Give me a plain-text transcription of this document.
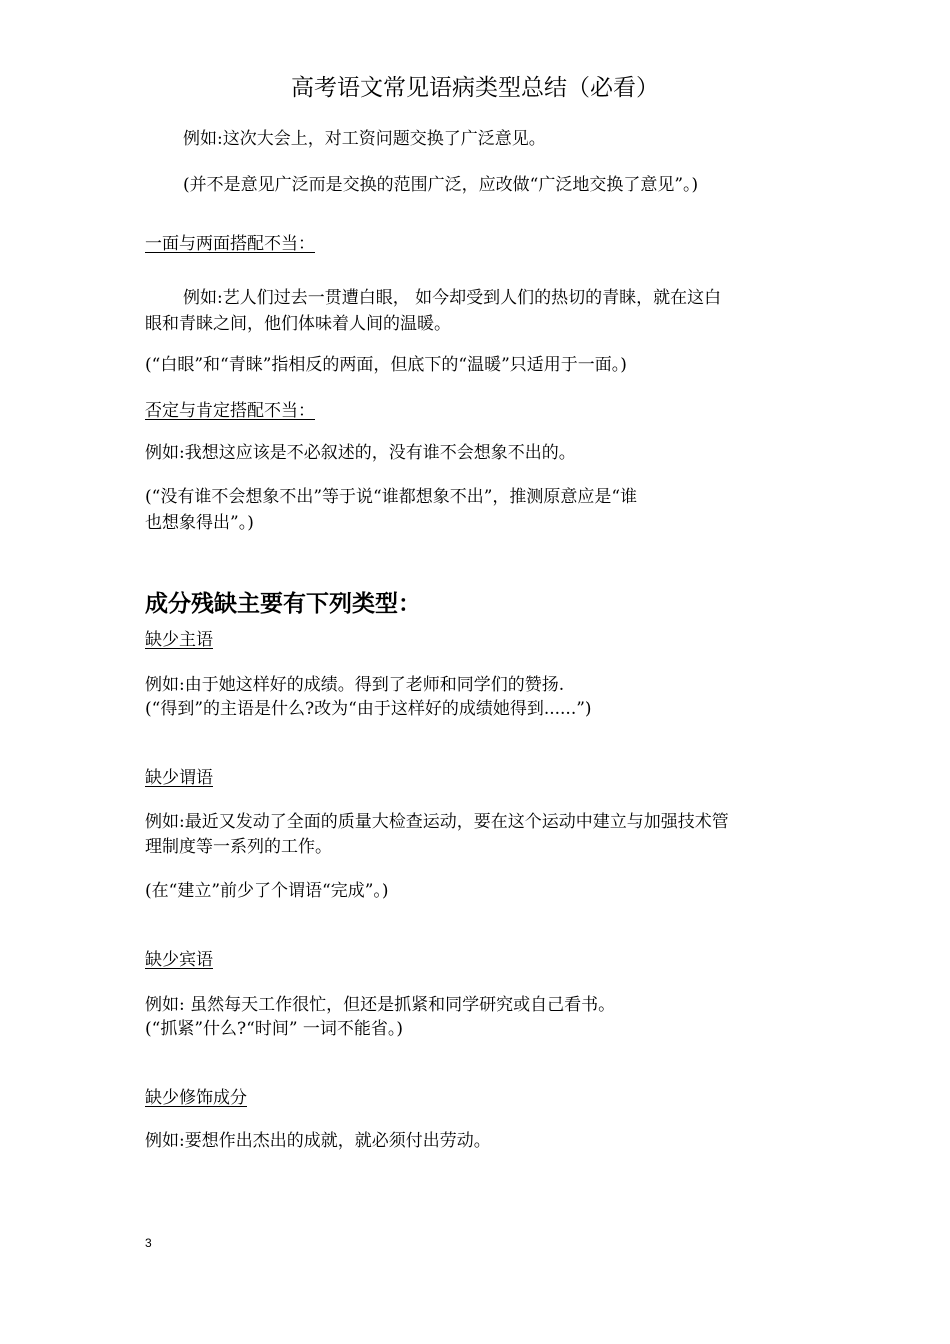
高考语文常见语病类型总结（必看）
例如:这次大会上，对工资问题交换了广泛意见。
(并不是意见广泛而是交换的范围广泛，应改做“广泛地交换了意见”。)
一面与两面搭配不当：
例如:艺人们过去一贯遭白眼， 如今却受到人们的热切的青睐，就在这白
眼和青睐之间，他们体味着人间的温暖。
(“白眼”和“青睐”指相反的两面，但底下的“温暖”只适用于一面。)
否定与肯定搭配不当：
例如:我想这应该是不必叙述的，没有谁不会想象不出的。
(“没有谁不会想象不出”等于说“谁都想象不出”，推测原意应是“谁
也想象得出”。)
成分残缺主要有下列类型：
缺少主语
例如:由于她这样好的成绩。得到了老师和同学们的赞扬.
(“得到”的主语是什么?改为“由于这样好的成绩她得到......”)
缺少谓语
例如:最近又发动了全面的质量大检查运动，要在这个运动中建立与加强技术管
理制度等一系列的工作。
(在“建立”前少了个谓语“完成”。)
缺少宾语
例如: 虽然每天工作很忙，但还是抓紧和同学研究或自己看书。
(“抓紧”什么?“时间” 一词不能省。)
缺少修饰成分
例如:要想作出杰出的成就，就必须付出劳动。
3
